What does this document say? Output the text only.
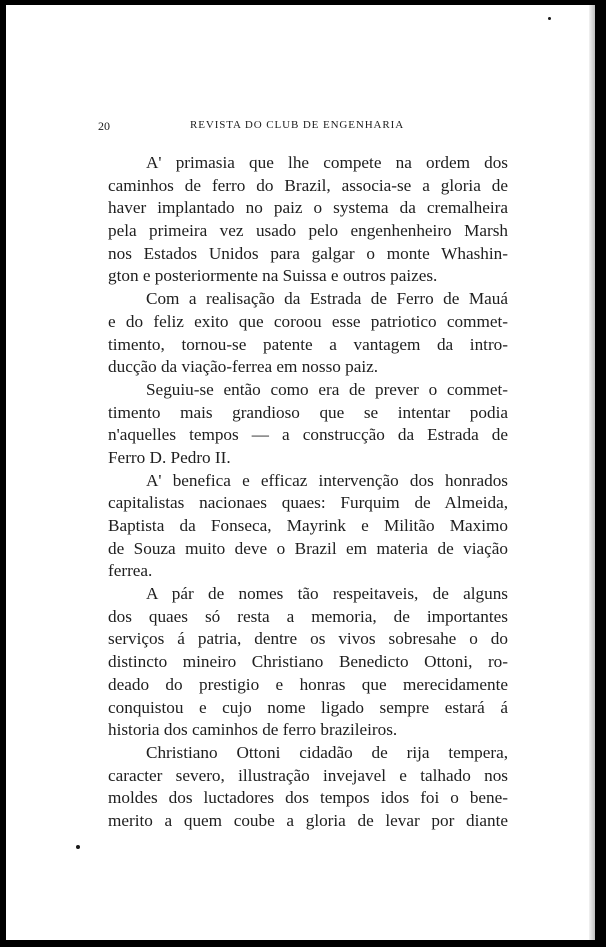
20	REVISTA DO CLUB DE ENGENHARIA
A' primasia que lhe compete na ordem dos
caminhos de ferro do Brazil, associa-se a gloria de
haver implantado no paiz o systema da cremalheira
pela primeira vez usado pelo engenhenheiro Marsh
nos Estados Unidos para galgar o monte Whashin-
gton e posteriormente na Suissa e outros paizes.
Com a realisação da Estrada de Ferro de Mauá
e do feliz exito que coroou esse patriotico commet-
timento, tornou-se patente a vantagem da intro-
ducção da viação-ferrea em nosso paiz.
Seguiu-se então como era de prever o commet-
timento mais grandioso que se intentar podia
n'aquelles tempos — a construcção da Estrada de
Ferro D. Pedro II.
A' benefica e efficaz intervenção dos honrados
capitalistas nacionaes quaes: Furquim de Almeida,
Baptista da Fonseca, Mayrink e Militão Maximo
de Souza muito deve o Brazil em materia de viação
ferrea.
A pár de nomes tão respeitaveis, de alguns
dos quaes só resta a memoria, de importantes
serviços á patria, dentre os vivos sobresahe o do
distincto mineiro Christiano Benedicto Ottoni, ro-
deado do prestigio e honras que merecidamente
conquistou e cujo nome ligado sempre estará á
historia dos caminhos de ferro brazileiros.
Christiano Ottoni cidadão de rija tempera,
caracter severo, illustração invejavel e talhado nos
moldes dos luctadores dos tempos idos foi o bene-
merito a quem coube a gloria de levar por diante
